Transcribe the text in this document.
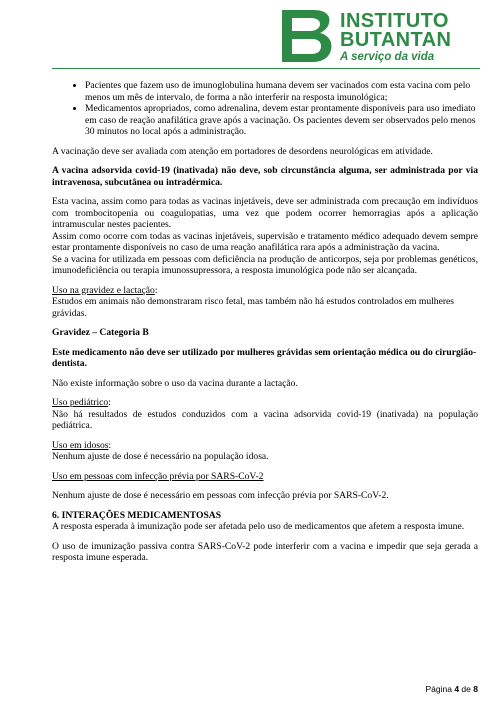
INSTITUTO
BUTANTAN
A serviço da vida
• Pacientes que fazem uso de imunoglobulina humana devem ser vacinados com esta vacina com pelo menos um mês de intervalo, de forma a não interferir na resposta imunológica;
• Medicamentos apropriados, como adrenalina, devem estar prontamente disponíveis para uso imediato em caso de reação anafilática grave após a vacinação. Os pacientes devem ser observados pelo menos 30 minutos no local após a administração.

A vacinação deve ser avaliada com atenção em portadores de desordens neurológicas em atividade.

A vacina adsorvida covid-19 (inativada) não deve, sob circunstância alguma, ser administrada por via intravenosa, subcutânea ou intradérmica.

Esta vacina, assim como para todas as vacinas injetáveis, deve ser administrada com precaução em indivíduos com trombocitopenia ou coagulopatias, uma vez que podem ocorrer hemorragias após a aplicação intramuscular nestes pacientes.

Assim como ocorre com todas as vacinas injetáveis, supervisão e tratamento médico adequado devem sempre estar prontamente disponíveis no caso de uma reação anafilática rara após a administração da vacina.

Se a vacina for utilizada em pessoas com deficiência na produção de anticorpos, seja por problemas genéticos, imunodeficiência ou terapia imunossupressora, a resposta imunológica pode não ser alcançada.

Uso na gravidez e lactação:

Estudos em animais não demonstraram risco fetal, mas também não há estudos controlados em mulheres grávidas.

Gravidez – Categoria B

Este medicamento não deve ser utilizado por mulheres grávidas sem orientação médica ou do cirurgião-dentista.

Não existe informação sobre o uso da vacina durante a lactação.

Uso pediátrico:

Não há resultados de estudos conduzidos com a vacina adsorvida covid-19 (inativada) na população pediátrica.

Uso em idosos:

Nenhum ajuste de dose é necessário na população idosa.

Uso em pessoas com infecção prévia por SARS-CoV-2

Nenhum ajuste de dose é necessário em pessoas com infecção prévia por SARS-CoV-2.

6. INTERAÇÕES MEDICAMENTOSAS

A resposta esperada à imunização pode ser afetada pelo uso de medicamentos que afetem a resposta imune.

O uso de imunização passiva contra SARS-CoV-2 pode interferir com a vacina e impedir que seja gerada a resposta imune esperada.

Página 4 de 8
